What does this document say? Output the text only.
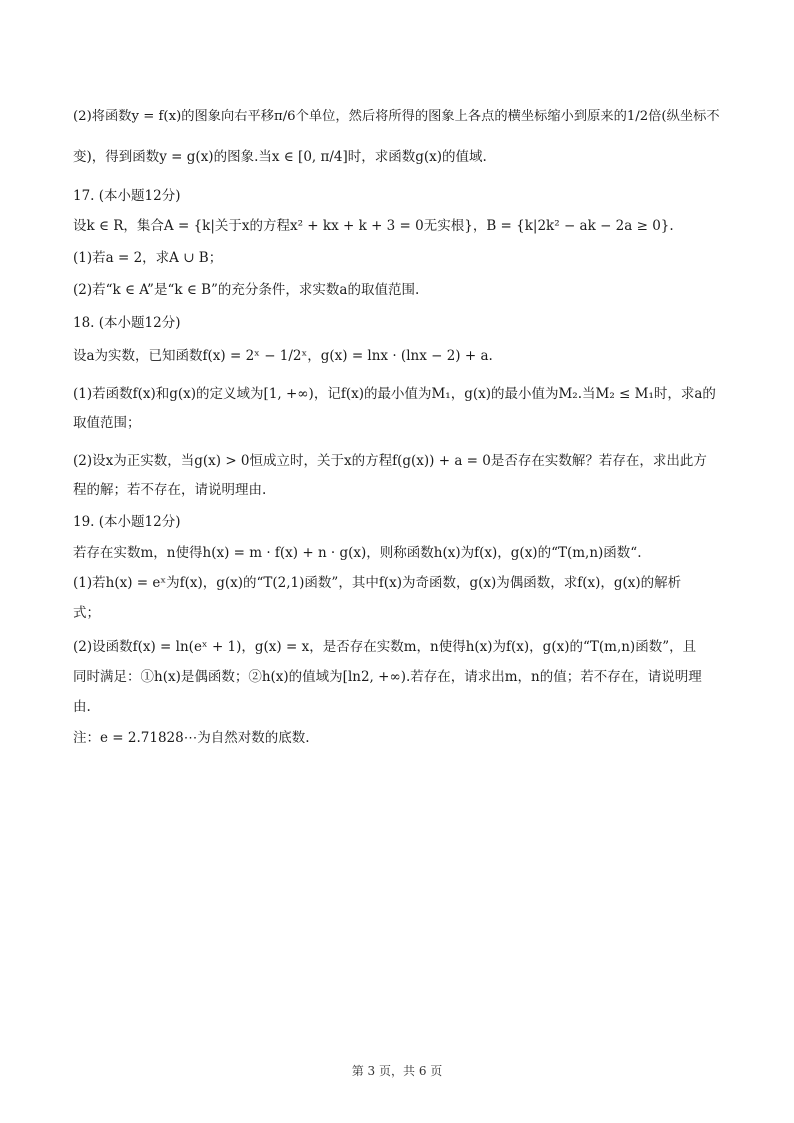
(2)将函数y = f(x)的图象向右平移π/6个单位，然后将所得的图象上各点的横坐标缩小到原来的1/2倍(纵坐标不
变)，得到函数y = g(x)的图象.当x ∈ [0, π/4]时，求函数g(x)的值域.
17. (本小题12分)
设k ∈ R，集合A = {k|关于x的方程x² + kx + k + 3 = 0无实根}，B = {k|2k² − ak − 2a ≥ 0}.
(1)若a = 2，求A ∪ B；
(2)若“k ∈ A”是“k ∈ B”的充分条件，求实数a的取值范围.
18. (本小题12分)
设a为实数，已知函数f(x) = 2ˣ − 1/2ˣ，g(x) = lnx · (lnx − 2) + a.
(1)若函数f(x)和g(x)的定义域为[1, +∞)，记f(x)的最小值为M₁，g(x)的最小值为M₂.当M₂ ≤ M₁时，求a的
取值范围；
(2)设x为正实数，当g(x) > 0恒成立时，关于x的方程f(g(x)) + a = 0是否存在实数解？若存在，求出此方
程的解；若不存在，请说明理由.
19. (本小题12分)
若存在实数m，n使得h(x) = m · f(x) + n · g(x)，则称函数h(x)为f(x)，g(x)的“T(m,n)函数“.
(1)若h(x) = eˣ为f(x)，g(x)的“T(2,1)函数”，其中f(x)为奇函数，g(x)为偶函数，求f(x)，g(x)的解析
式；
(2)设函数f(x) = ln(eˣ + 1)，g(x) = x，是否存在实数m，n使得h(x)为f(x)，g(x)的“T(m,n)函数”，且
同时满足：①h(x)是偶函数；②h(x)的值域为[ln2, +∞).若存在，请求出m，n的值；若不存在，请说明理
由.
注：e = 2.71828⋯为自然对数的底数.
第 3 页，共 6 页
